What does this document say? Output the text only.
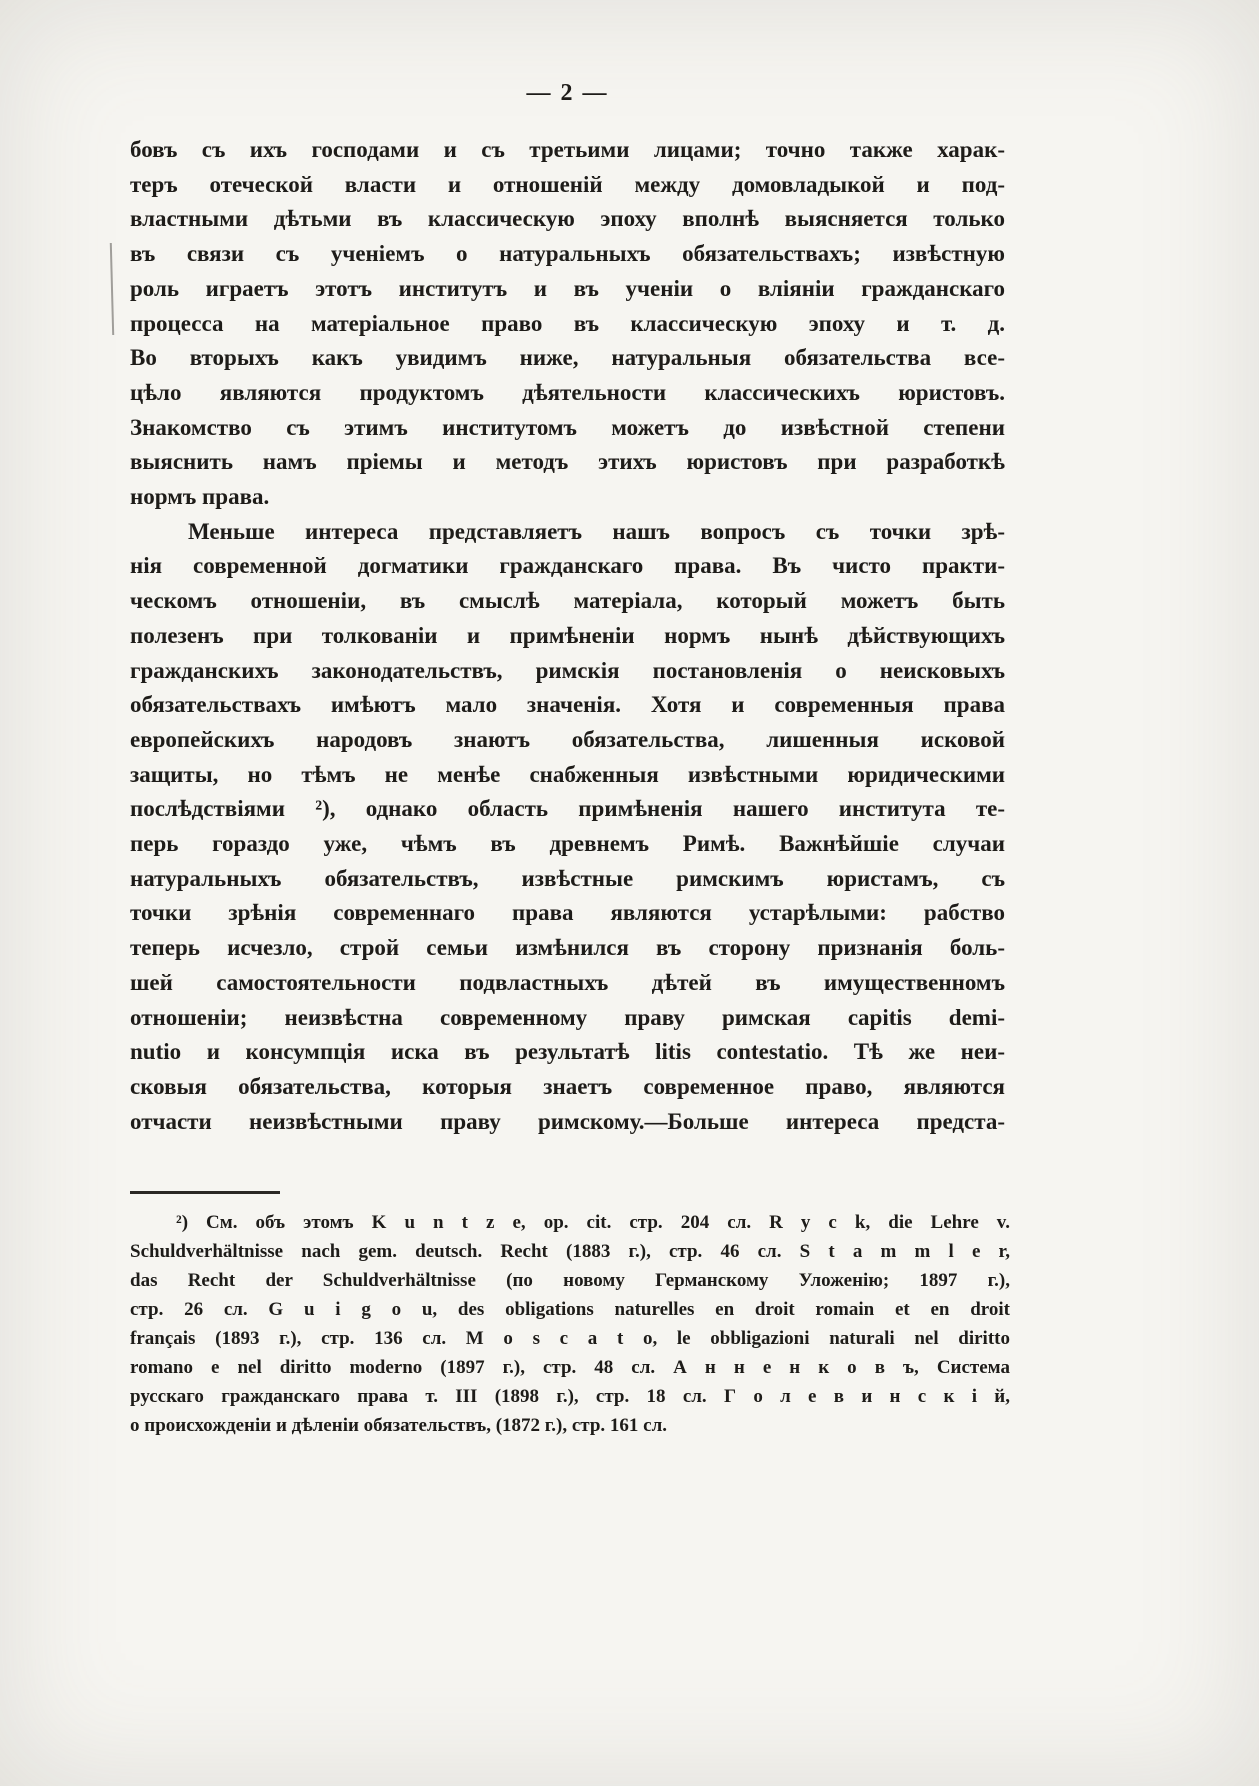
— 2 —
бовъ съ ихъ господами и съ третьими лицами; точно также харак-
теръ отеческой власти и отношеній между домовладыкой и под-
властными дѣтьми въ классическую эпоху вполнѣ выясняется только
въ связи съ ученіемъ о натуральныхъ обязательствахъ; извѣстную
роль играетъ этотъ институтъ и въ ученіи о вліяніи гражданскаго
процесса на матеріальное право въ классическую эпоху и т. д.
Во вторыхъ какъ увидимъ ниже, натуральныя обязательства все-
цѣло являются продуктомъ дѣятельности классическихъ юристовъ.
Знакомство съ этимъ институтомъ можетъ до извѣстной степени
выяснить намъ пріемы и методъ этихъ юристовъ при разработкѣ
нормъ права.
Меньше интереса представляетъ нашъ вопросъ съ точки зрѣ-
нія современной догматики гражданскаго права. Въ чисто практи-
ческомъ отношеніи, въ смыслѣ матеріала, который можетъ быть
полезенъ при толкованіи и примѣненіи нормъ нынѣ дѣйствующихъ
гражданскихъ законодательствъ, римскія постановленія о неисковыхъ
обязательствахъ имѣютъ мало значенія. Хотя и современныя права
европейскихъ народовъ знаютъ обязательства, лишенныя исковой
защиты, но тѣмъ не менѣе снабженныя извѣстными юридическими
послѣдствіями ²), однако область примѣненія нашего института те-
перь гораздо уже, чѣмъ въ древнемъ Римѣ. Важнѣйшіе случаи
натуральныхъ обязательствъ, извѣстные римскимъ юристамъ, съ
точки зрѣнія современнаго права являются устарѣлыми: рабство
теперь исчезло, строй семьи измѣнился въ сторону признанія боль-
шей самостоятельности подвластныхъ дѣтей въ имущественномъ
отношеніи; неизвѣстна современному праву римская capitis demi-
nutio и консумпція иска въ результатѣ litis contestatio. Тѣ же неи-
сковыя обязательства, которыя знаетъ современное право, являются
отчасти неизвѣстными праву римскому.—Больше интереса предста-
²) См. объ этомъ K u n t z e, op. cit. стр. 204 сл. R y c k, die Lehre v.
Schuldverhältnisse nach gem. deutsch. Recht (1883 г.), стр. 46 сл. S t a m m l e r,
das Recht der Schuldverhältnisse (по новому Германскому Уложенію; 1897 г.),
стр. 26 сл. G u i g o u, des obligations naturelles en droit romain et en droit
français (1893 г.), стр. 136 сл. M o s c a t o, le obbligazioni naturali nel diritto
romano e nel diritto moderno (1897 г.), стр. 48 сл. А н н е н к о в ъ, Система
русскаго гражданскаго права т. III (1898 г.), стр. 18 сл. Г о л е в и н с к і й,
о происхожденіи и дѣленіи обязательствъ, (1872 г.), стр. 161 сл.
